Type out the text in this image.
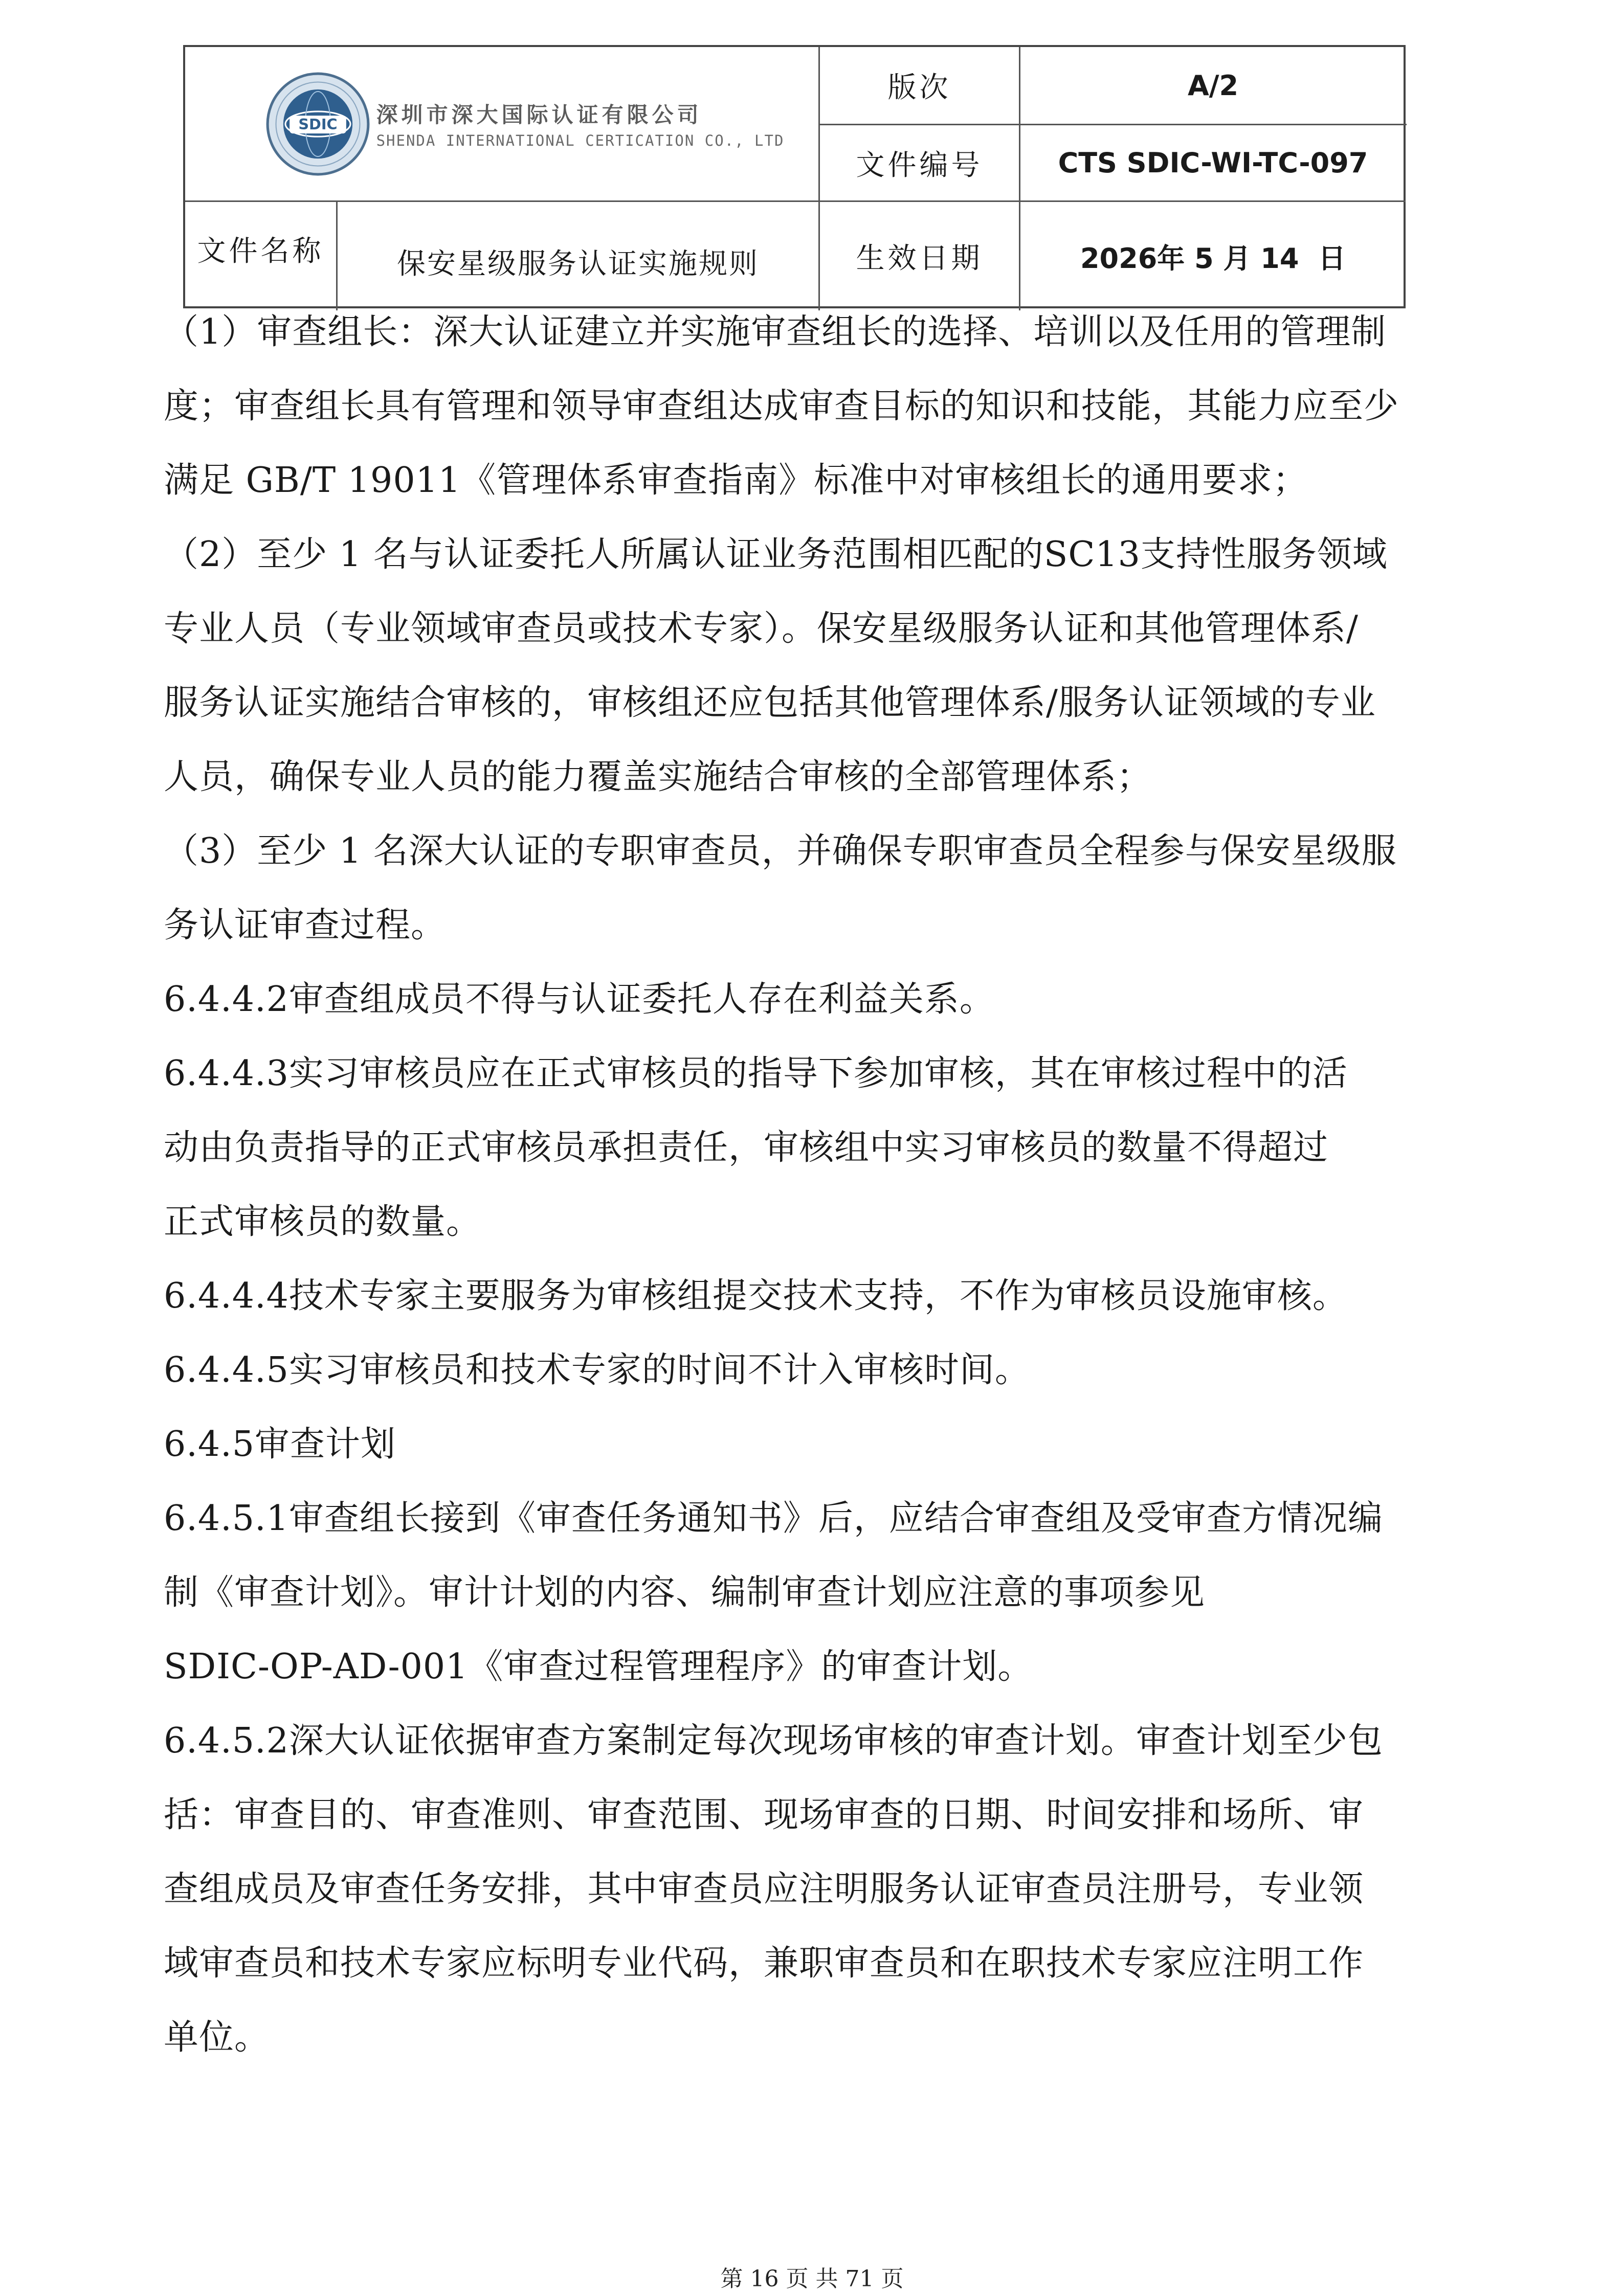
SDIC 深圳市深大国际认证有限公司
SHENDA INTERNATIONAL CERTICATION CO., LTD
版次	A/2
文件编号	CTS SDIC-WI-TC-097
文件名称	保安星级服务认证实施规则	生效日期	2026年 5 月 14  日
（1）审查组长：深大认证建立并实施审查组长的选择、培训以及任用的管理制
度；审查组长具有管理和领导审查组达成审查目标的知识和技能，其能力应至少
满足 GB/T 19011《管理体系审查指南》标准中对审核组长的通用要求；
（2）至少 1 名与认证委托人所属认证业务范围相匹配的SC13支持性服务领域
专业人员（专业领域审查员或技术专家）。保安星级服务认证和其他管理体系/
服务认证实施结合审核的，审核组还应包括其他管理体系/服务认证领域的专业
人员，确保专业人员的能力覆盖实施结合审核的全部管理体系；
（3）至少 1 名深大认证的专职审查员，并确保专职审查员全程参与保安星级服
务认证审查过程。
6.4.4.2审查组成员不得与认证委托人存在利益关系。
6.4.4.3实习审核员应在正式审核员的指导下参加审核，其在审核过程中的活
动由负责指导的正式审核员承担责任，审核组中实习审核员的数量不得超过
正式审核员的数量。
6.4.4.4技术专家主要服务为审核组提交技术支持，不作为审核员设施审核。
6.4.4.5实习审核员和技术专家的时间不计入审核时间。
6.4.5审查计划
6.4.5.1审查组长接到《审查任务通知书》后，应结合审查组及受审查方情况编
制《审查计划》。审计计划的内容、编制审查计划应注意的事项参见
SDIC-OP-AD-001《审查过程管理程序》的审查计划。
6.4.5.2深大认证依据审查方案制定每次现场审核的审查计划。审查计划至少包
括：审查目的、审查准则、审查范围、现场审查的日期、时间安排和场所、审
查组成员及审查任务安排，其中审查员应注明服务认证审查员注册号，专业领
域审查员和技术专家应标明专业代码，兼职审查员和在职技术专家应注明工作
单位。
第 16 页 共 71 页
